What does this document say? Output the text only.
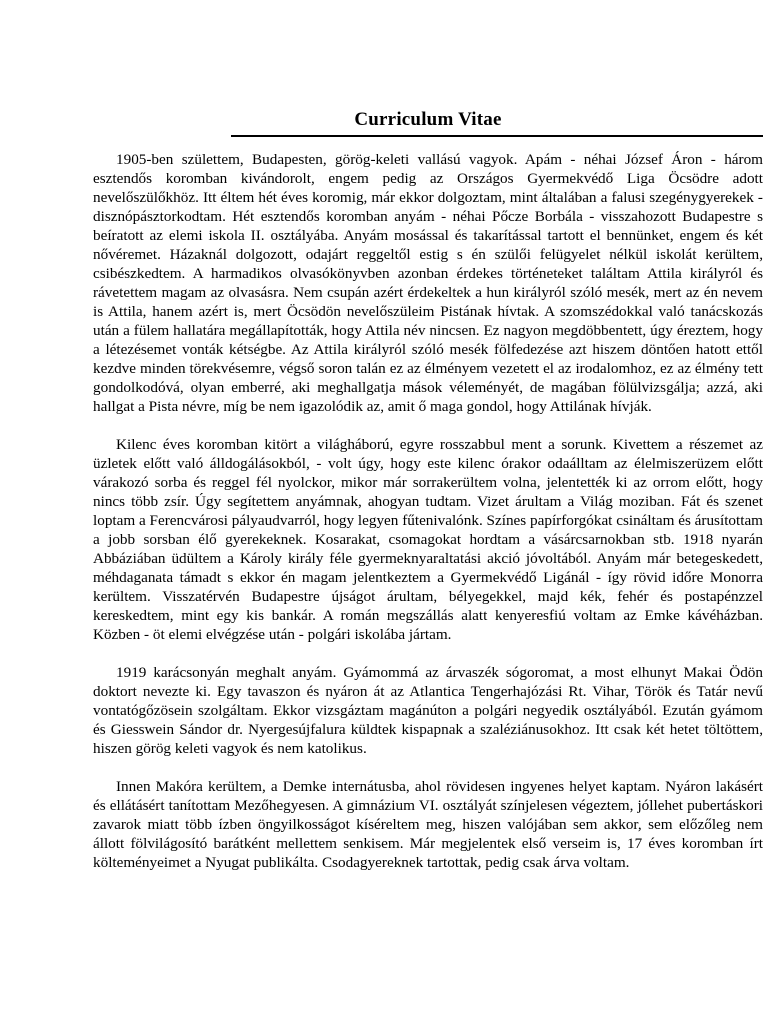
Curriculum Vitae

1905-ben születtem, Budapesten, görög-keleti vallású vagyok. Apám - néhai József Áron - három esztendős koromban kivándorolt, engem pedig az Országos Gyermekvédő Liga Öcsödre adott nevelőszülőkhöz. Itt éltem hét éves koromig, már ekkor dolgoztam, mint általában a falusi szegénygyerekek - disznópásztorkodtam. Hét esztendős koromban anyám - néhai Pőcze Borbála - visszahozott Budapestre s beíratott az elemi iskola II. osztályába. Anyám mosással és takarítással tartott el bennünket, engem és két nővéremet. Házaknál dolgozott, odajárt reggeltől estig s én szülői felügyelet nélkül iskolát kerültem, csibészkedtem. A harmadikos olvasókönyvben azonban érdekes történeteket találtam Attila királyról és rávetettem magam az olvasásra. Nem csupán azért érdekeltek a hun királyról szóló mesék, mert az én nevem is Attila, hanem azért is, mert Öcsödön nevelőszüleim Pistának hívtak. A szomszédokkal való tanácskozás után a fülem hallatára megállapították, hogy Attila név nincsen. Ez nagyon megdöbbentett, úgy éreztem, hogy a létezésemet vonták kétségbe. Az Attila királyról szóló mesék fölfedezése azt hiszem döntően hatott ettől kezdve minden törekvésemre, végső soron talán ez az élményem vezetett el az irodalomhoz, ez az élmény tett gondolkodóvá, olyan emberré, aki meghallgatja mások véleményét, de magában fölülvizsgálja; azzá, aki hallgat a Pista névre, míg be nem igazolódik az, amit ő maga gondol, hogy Attilának hívják.

Kilenc éves koromban kitört a világháború, egyre rosszabbul ment a sorunk. Kivettem a részemet az üzletek előtt való álldogálásokból, - volt úgy, hogy este kilenc órakor odaálltam az élelmiszerüzem előtt várakozó sorba és reggel fél nyolckor, mikor már sorrakerültem volna, jelentették ki az orrom előtt, hogy nincs több zsír. Úgy segítettem anyámnak, ahogyan tudtam. Vizet árultam a Világ moziban. Fát és szenet loptam a Ferencvárosi pályaudvarról, hogy legyen fűtenivalónk. Színes papírforgókat csináltam és árusítottam a jobb sorsban élő gyerekeknek. Kosarakat, csomagokat hordtam a vásárcsarnokban stb. 1918 nyarán Abbáziában üdültem a Károly király féle gyermeknyaraltatási akció jóvoltából. Anyám már betegeskedett, méhdaganata támadt s ekkor én magam jelentkeztem a Gyermekvédő Ligánál - így rövid időre Monorra kerültem. Visszatérvén Budapestre újságot árultam, bélyegekkel, majd kék, fehér és postapénzzel kereskedtem, mint egy kis bankár. A román megszállás alatt kenyeresfiú voltam az Emke kávéházban. Közben - öt elemi elvégzése után - polgári iskolába jártam.

1919 karácsonyán meghalt anyám. Gyámommá az árvaszék sógoromat, a most elhunyt Makai Ödön doktort nevezte ki. Egy tavaszon és nyáron át az Atlantica Tengerhajózási Rt. Vihar, Török és Tatár nevű vontatógőzösein szolgáltam. Ekkor vizsgáztam magánúton a polgári negyedik osztályából. Ezután gyámom és Giesswein Sándor dr. Nyergesújfalura küldtek kispapnak a szaléziánusokhoz. Itt csak két hetet töltöttem, hiszen görög keleti vagyok és nem katolikus.

Innen Makóra kerültem, a Demke internátusba, ahol rövidesen ingyenes helyet kaptam. Nyáron lakásért és ellátásért tanítottam Mezőhegyesen. A gimnázium VI. osztályát színjelesen végeztem, jóllehet pubertáskori zavarok miatt több ízben öngyilkosságot kíséreltem meg, hiszen valójában sem akkor, sem előzőleg nem állott fölvilágosító barátként mellettem senkisem. Már megjelentek első verseim is, 17 éves koromban írt költeményeimet a Nyugat publikálta. Csodagyereknek tartottak, pedig csak árva voltam.
